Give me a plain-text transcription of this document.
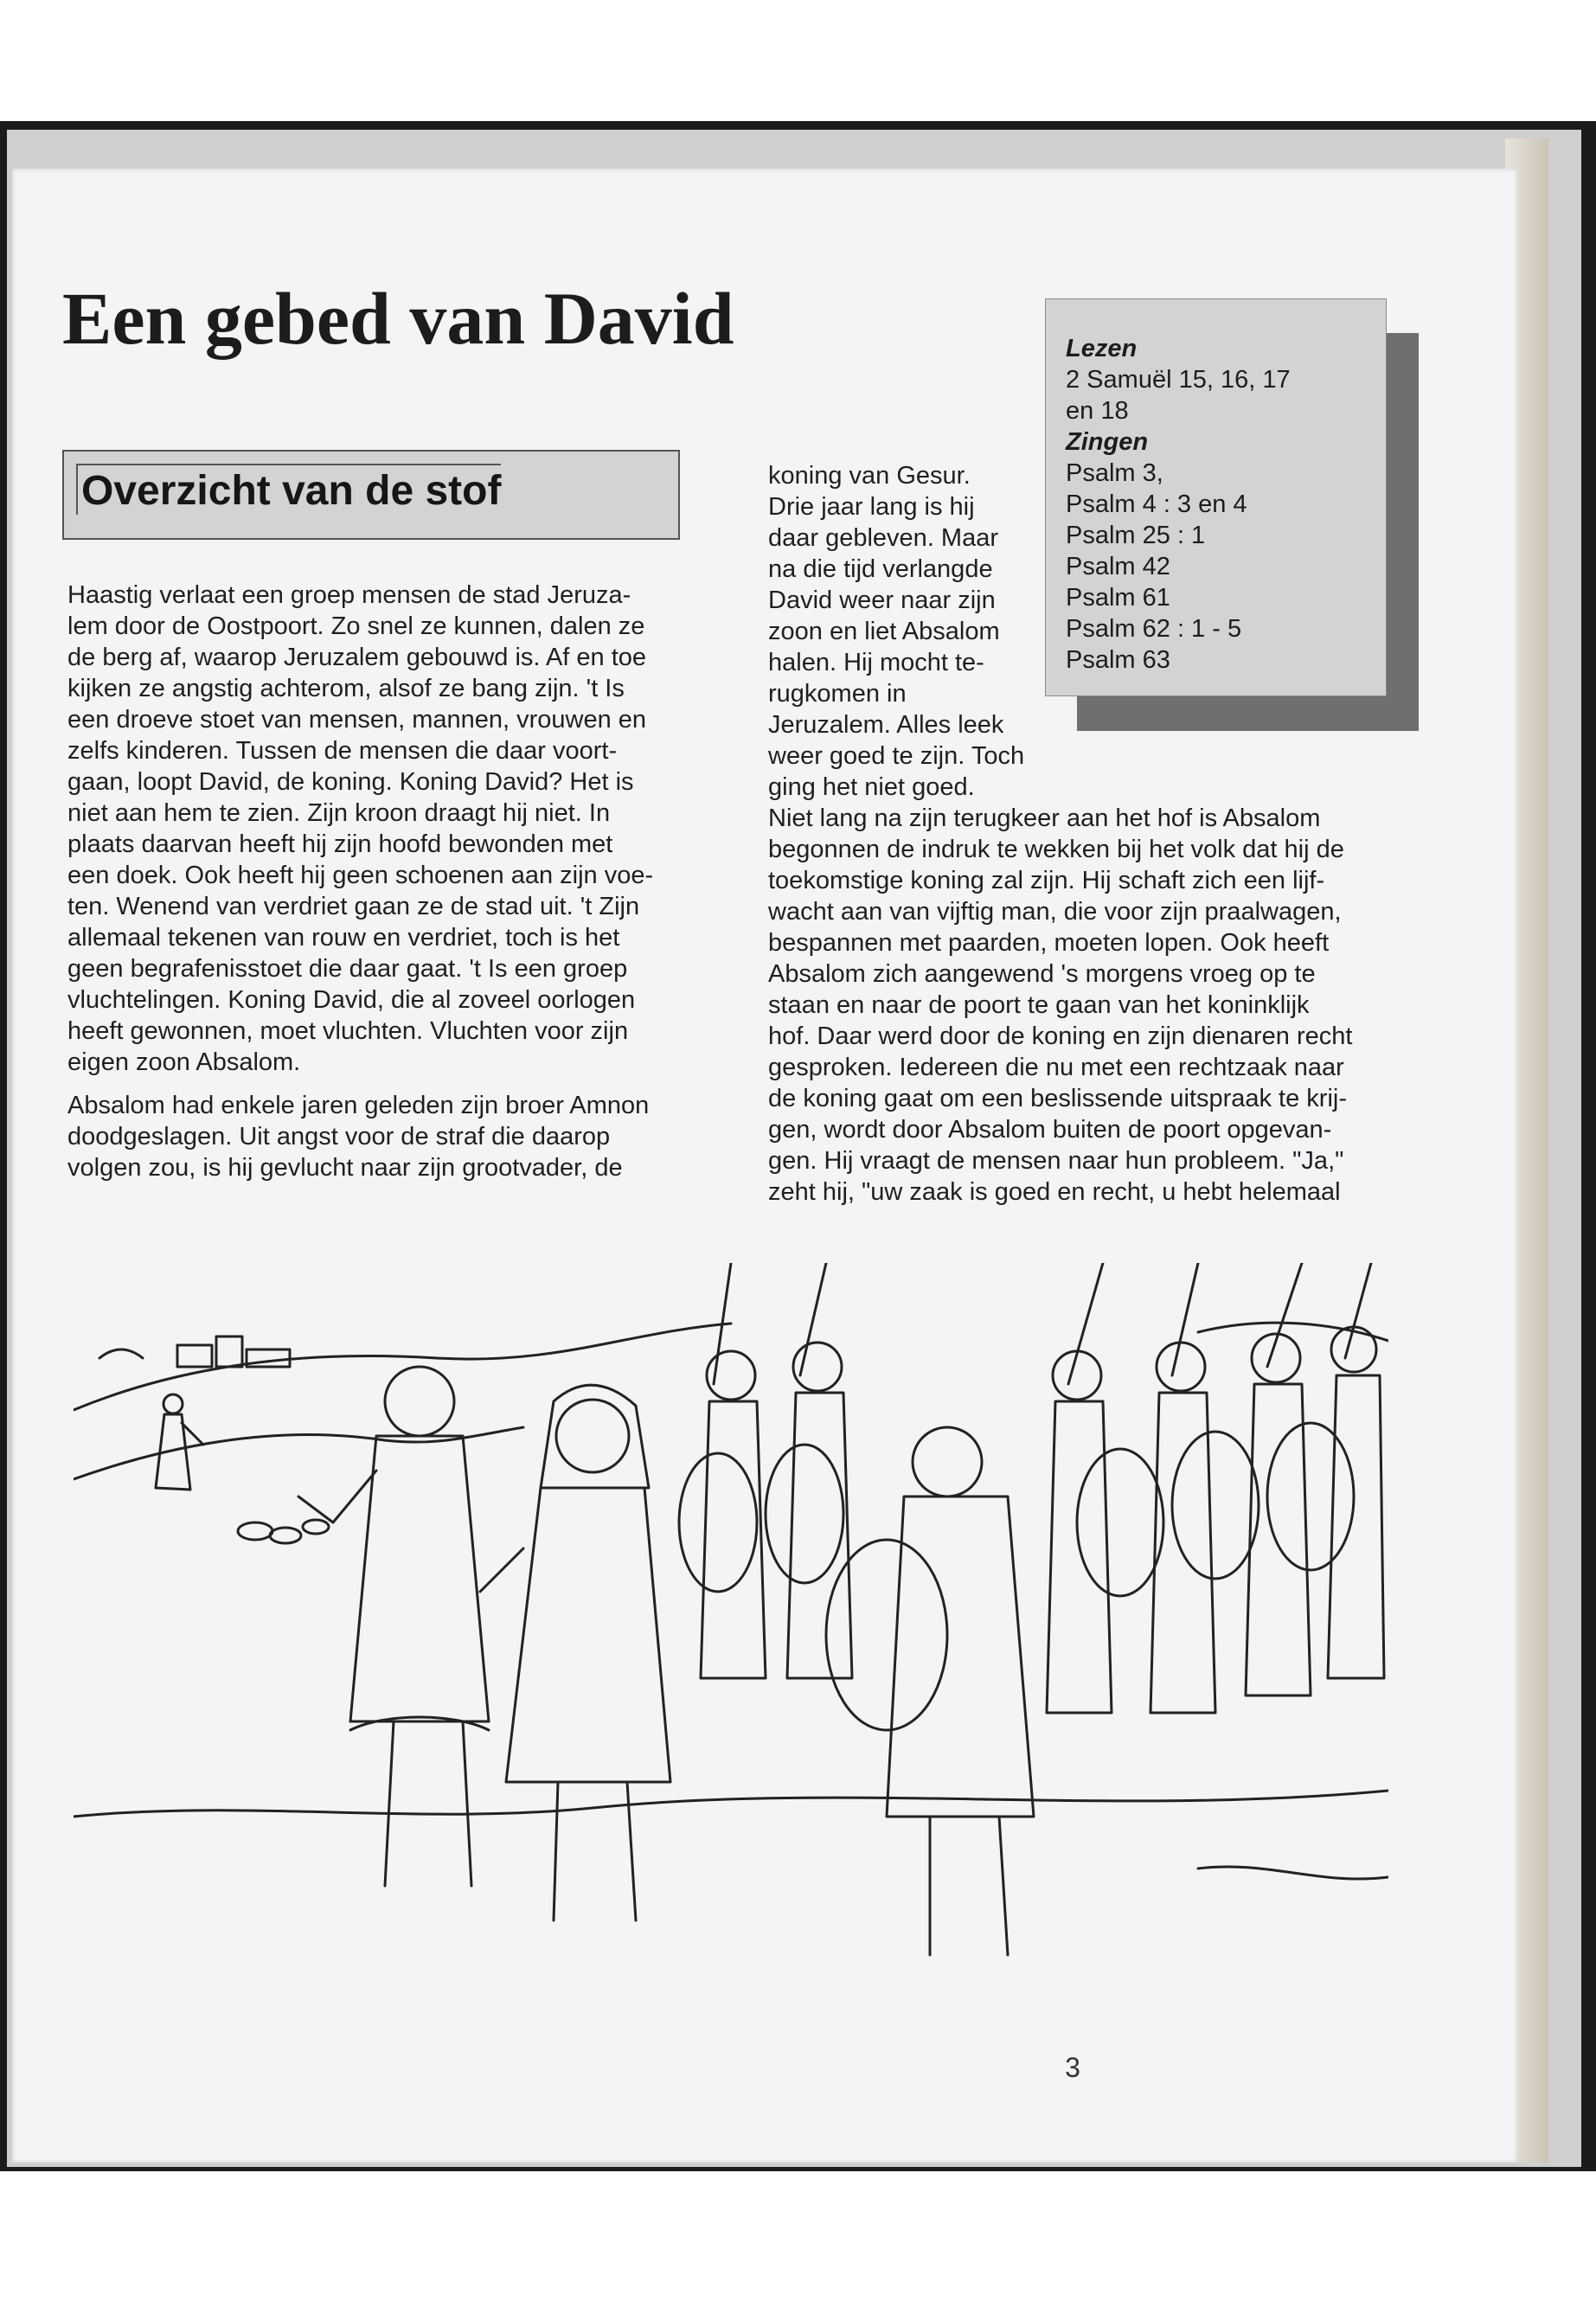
Een gebed van David
Overzicht van de stof

Haastig verlaat een groep mensen de stad Jeruza-

lem door de Oostpoort. Zo snel ze kunnen, dalen ze

de berg af, waarop Jeruzalem gebouwd is. Af en toe

kijken ze angstig achterom, alsof ze bang zijn. 't Is

een droeve stoet van mensen, mannen, vrouwen en

zelfs kinderen. Tussen de mensen die daar voort-

gaan, loopt David, de koning. Koning David? Het is

niet aan hem te zien. Zijn kroon draagt hij niet. In

plaats daarvan heeft hij zijn hoofd bewonden met

een doek. Ook heeft hij geen schoenen aan zijn voe-

ten. Wenend van verdriet gaan ze de stad uit. 't Zijn

allemaal tekenen van rouw en verdriet, toch is het

geen begrafenisstoet die daar gaat. 't Is een groep

vluchtelingen. Koning David, die al zoveel oorlogen

heeft gewonnen, moet vluchten. Vluchten voor zijn

eigen zoon Absalom.

Absalom had enkele jaren geleden zijn broer Amnon

doodgeslagen. Uit angst voor de straf die daarop

volgen zou, is hij gevlucht naar zijn grootvader, de

koning van Gesur.

Drie jaar lang is hij

daar gebleven. Maar

na die tijd verlangde

David weer naar zijn

zoon en liet Absalom

halen. Hij mocht te-

rugkomen in

Jeruzalem. Alles leek

weer goed te zijn. Toch

ging het niet goed.

Niet lang na zijn terugkeer aan het hof is Absalom

begonnen de indruk te wekken bij het volk dat hij de

toekomstige koning zal zijn. Hij schaft zich een lijf-

wacht aan van vijftig man, die voor zijn praalwagen,

bespannen met paarden, moeten lopen. Ook heeft

Absalom zich aangewend 's morgens vroeg op te

staan en naar de poort te gaan van het koninklijk

hof. Daar werd door de koning en zijn dienaren recht

gesproken. Iedereen die nu met een rechtzaak naar

de koning gaat om een beslissende uitspraak te krij-

gen, wordt door Absalom buiten de poort opgevan-

gen. Hij vraagt de mensen naar hun probleem. "Ja,"

zeht hij, "uw zaak is goed en recht, u hebt helemaal

Lezen

2 Samuël 15, 16, 17

en 18

Zingen

Psalm 3,

Psalm 4 : 3 en 4

Psalm 25 : 1

Psalm 42

Psalm 61

Psalm 62 : 1 - 5

Psalm 63

3
